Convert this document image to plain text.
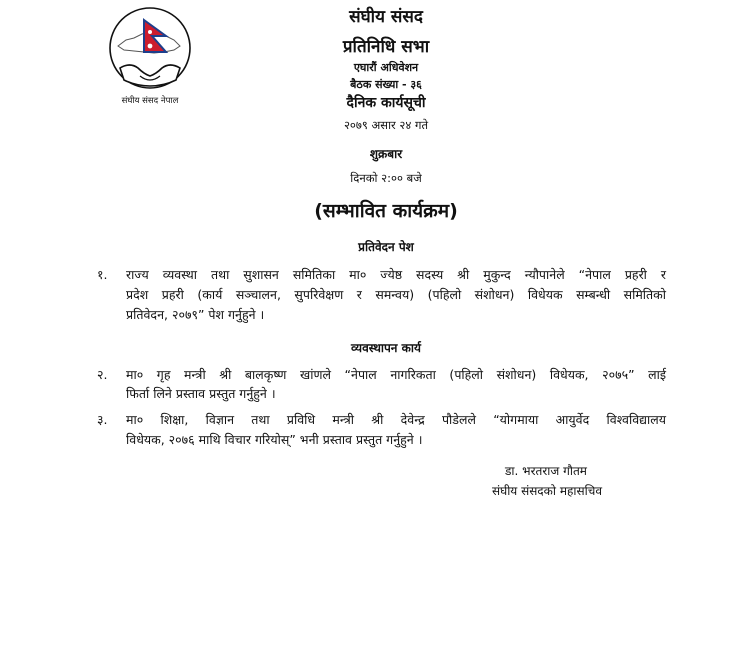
संघीय संसद नेपाल
संघीय संसद
प्रतिनिधि सभा
एघारौं अधिवेशन
बैठक संख्या - ३६
दैनिक कार्यसूची
२०७९ असार २४ गते
शुक्रबार
दिनको २:०० बजे
(सम्भावित कार्यक्रम)
प्रतिवेदन पेश
१. राज्य व्यवस्था तथा सुशासन समितिका मा० ज्येष्ठ सदस्य श्री मुकुन्द न्यौपानेले “नेपाल प्रहरी र
प्रदेश प्रहरी (कार्य सञ्चालन, सुपरिवेक्षण र समन्वय) (पहिलो संशोधन) विधेयक सम्बन्धी समितिको
प्रतिवेदन, २०७९” पेश गर्नुहुने ।
व्यवस्थापन कार्य
२. मा० गृह मन्त्री श्री बालकृष्ण खांणले “नेपाल नागरिकता (पहिलो संशोधन) विधेयक, २०७५” लाई
फिर्ता लिने प्रस्ताव प्रस्तुत गर्नुहुने ।
३. मा० शिक्षा, विज्ञान तथा प्रविधि मन्त्री श्री देवेन्द्र पौडेलले “योगमाया आयुर्वेद विश्वविद्यालय
विधेयक, २०७६ माथि विचार गरियोस्” भनी प्रस्ताव प्रस्तुत गर्नुहुने ।
डा. भरतराज गौतम
संघीय संसदको महासचिव
